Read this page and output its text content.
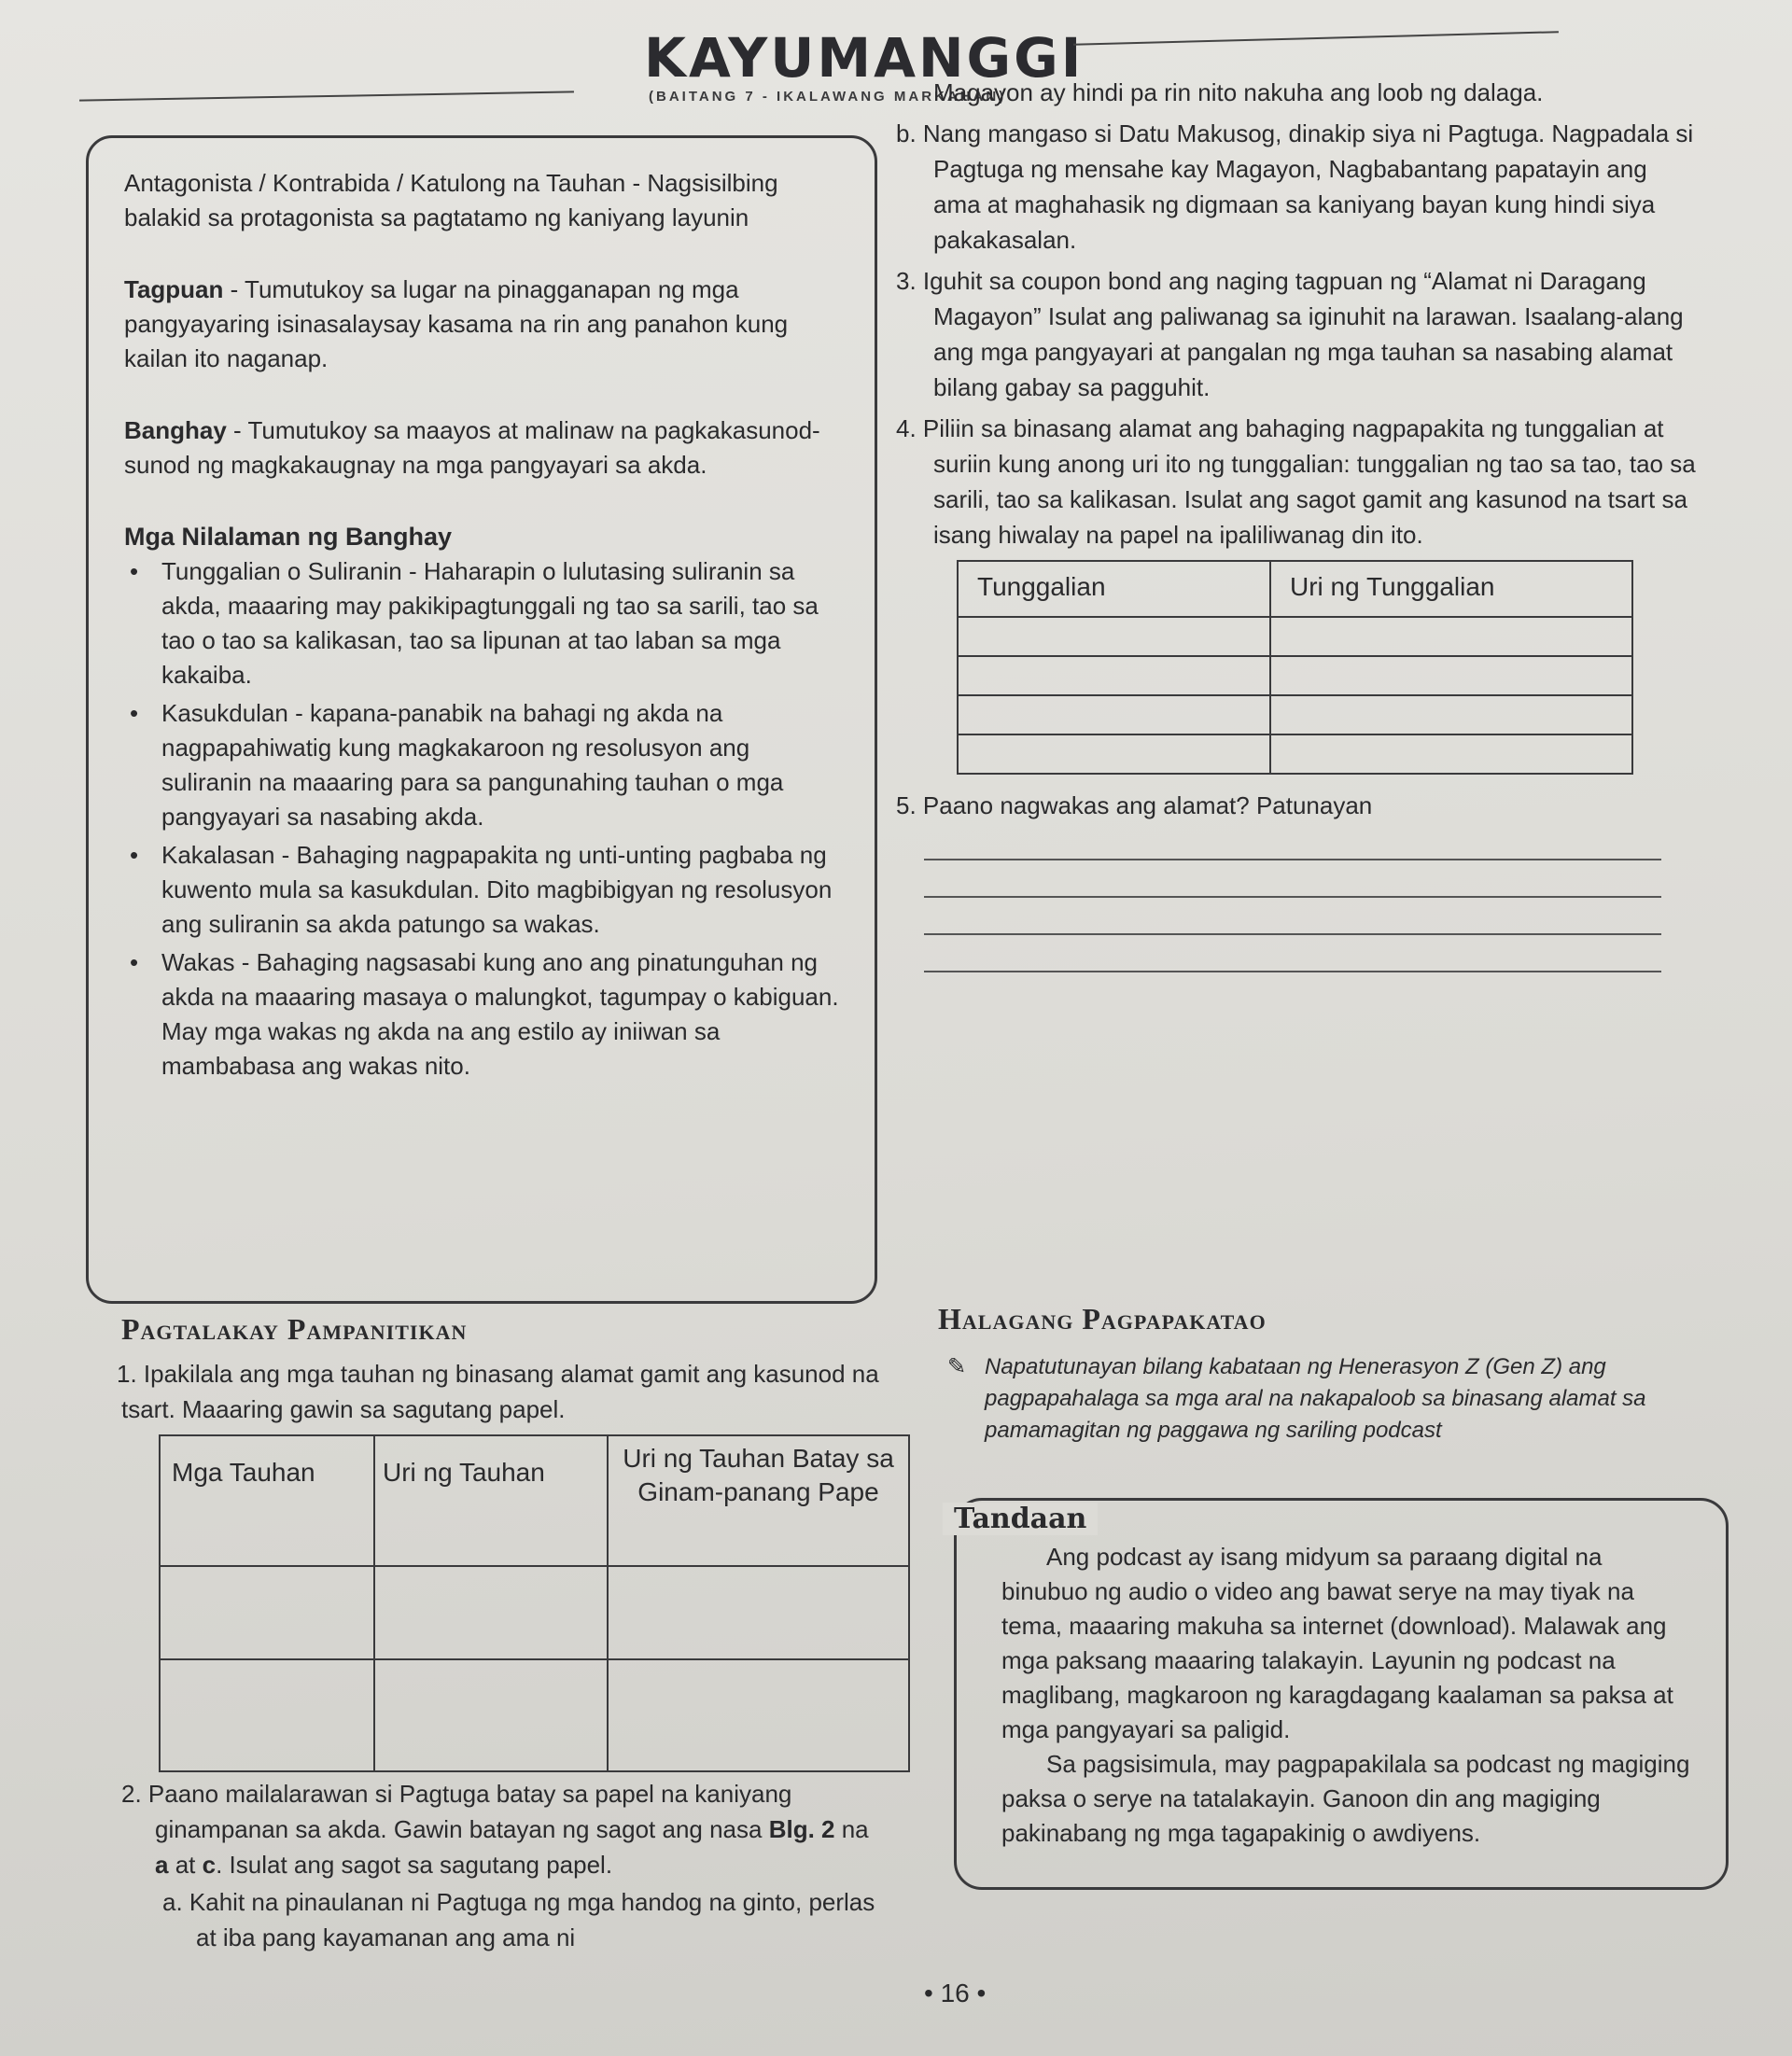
KAYUMANGGI
(BAITANG 7 - IKALAWANG MARKAHAN)

Antagonista / Kontrabida / Katulong na Tauhan - Nagsisilbing balakid sa protagonista sa pagtatamo ng kaniyang layunin

Tagpuan - Tumutukoy sa lugar na pinagganapan ng mga pangyayaring isinasalaysay kasama na rin ang panahon kung kailan ito naganap.

Banghay - Tumutukoy sa maayos at malinaw na pagkakasunod-sunod ng magkakaugnay na mga pangyayari sa akda.

Mga Nilalaman ng Banghay
• Tunggalian o Suliranin - Haharapin o lulutasing suliranin sa akda, maaaring may pakikipagtunggali ng tao sa sarili, tao sa tao o tao sa kalikasan, tao sa lipunan at tao laban sa mga kakaiba.
• Kasukdulan - kapana-panabik na bahagi ng akda na nagpapahiwatig kung magkakaroon ng resolusyon ang suliranin na maaaring para sa pangunahing tauhan o mga pangyayari sa nasabing akda.
• Kakalasan - Bahaging nagpapakita ng unti-unting pagbaba ng kuwento mula sa kasukdulan. Dito magbibigyan ng resolusyon ang suliranin sa akda patungo sa wakas.
• Wakas - Bahaging nagsasabi kung ano ang pinatunguhan ng akda na maaaring masaya o malungkot, tagumpay o kabiguan. May mga wakas ng akda na ang estilo ay iniiwan sa mambabasa ang wakas nito.
Magayon ay hindi pa rin nito nakuha ang loob ng dalaga.
b. Nang mangaso si Datu Makusog, dinakip siya ni Pagtuga. Nagpadala si Pagtuga ng mensahe kay Magayon, Nagbabantang papatayin ang ama at maghahasik ng digmaan sa kaniyang bayan kung hindi siya pakakasalan.
3. Iguhit sa coupon bond ang naging tagpuan ng “Alamat ni Daragang Magayon” Isulat ang paliwanag sa iginuhit na larawan. Isaalang-alang ang mga pangyayari at pangalan ng mga tauhan sa nasabing alamat bilang gabay sa pagguhit.
4. Piliin sa binasang alamat ang bahaging nagpapakita ng tunggalian at suriin kung anong uri ito ng tunggalian: tunggalian ng tao sa tao, tao sa sarili, tao sa kalikasan. Isulat ang sagot gamit ang kasunod na tsart sa isang hiwalay na papel na ipaliliwanag din ito.
Tunggalian	Uri ng Tunggalian

5. Paano nagwakas ang alamat? Patunayan
Pagtalakay Pampanitikan
1. Ipakilala ang mga tauhan ng binasang alamat gamit ang kasunod na tsart. Maaaring gawin sa sagutang papel.
Mga Tauhan	Uri ng Tauhan	Uri ng Tauhan Batay sa Ginam-panang Pape

2. Paano mailalarawan si Pagtuga batay sa papel na kaniyang ginampanan sa akda. Gawin batayan ng sagot ang nasa Blg. 2 na a at c. Isulat ang sagot sa sagutang papel.
a. Kahit na pinaulanan ni Pagtuga ng mga handog na ginto, perlas at iba pang kayamanan ang ama ni
Halagang Pagpapakatao
✎ Napatutunayan bilang kabataan ng Henerasyon Z (Gen Z) ang pagpapahalaga sa mga aral na nakapaloob sa binasang alamat sa pamamagitan ng paggawa ng sariling podcast
Ang podcast ay isang midyum sa paraang digital na binubuo ng audio o video ang bawat serye na may tiyak na tema, maaaring makuha sa internet (download). Malawak ang mga paksang maaaring talakayin. Layunin ng podcast na maglibang, magkaroon ng karagdagang kaalaman sa paksa at mga pangyayari sa paligid.
Sa pagsisimula, may pagpapakilala sa podcast ng magiging paksa o serye na tatalakayin. Ganoon din ang magiging pakinabang ng mga tagapakinig o awdiyens.
Tandaan
• 16 •
